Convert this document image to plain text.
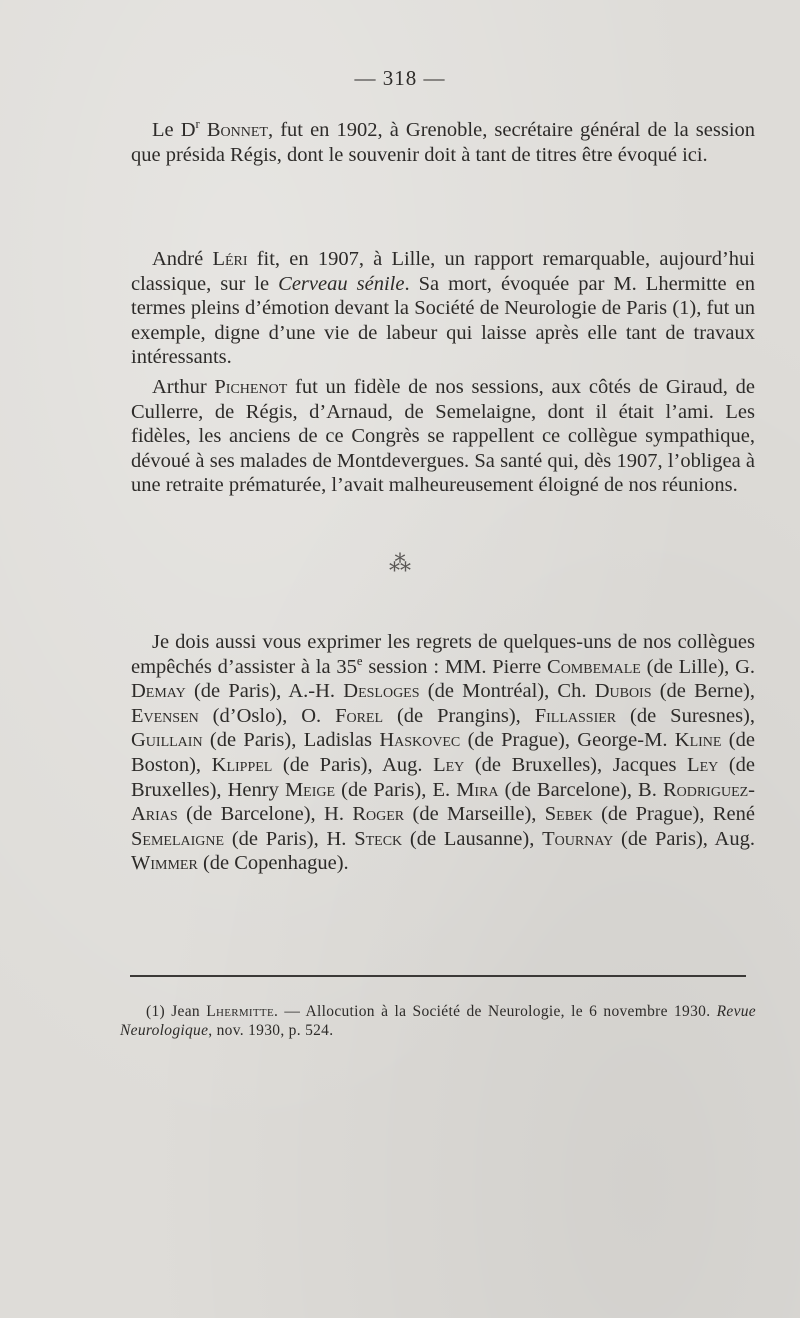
— 318 —

Le $D^r$ Bonnet, fut en 1902, à Grenoble, secrétaire général de la session que présida Régis, dont le souvenir doit à tant de titres être évoqué ici.

André Léri fit, en 1907, à Lille, un rapport remarquable, aujourd’hui classique, sur le Cerveau sénile. Sa mort, évoquée par M. Lhermitte en termes pleins d’émotion devant la Société de Neurologie de Paris (1), fut un exemple, digne d’une vie de labeur qui laisse après elle tant de travaux intéressants.

Arthur Pichenot fut un fidèle de nos sessions, aux côtés de Giraud, de Cullerre, de Régis, d’Arnaud, de Semelaigne, dont il était l’ami. Les fidèles, les anciens de ce Congrès se rappellent ce collègue sympathique, dévoué à ses malades de Montdevergues. Sa santé qui, dès 1907, l’obligea à une retraite prématurée, l’avait malheureusement éloigné de nos réunions.

⁂

Je dois aussi vous exprimer les regrets de quelques-uns de nos collègues empêchés d’assister à la 35e session : MM. Pierre Combemale (de Lille), G. Demay (de Paris), A.-H. Desloges (de Montréal), Ch. Dubois (de Berne), Evensen (d’Oslo), O. Forel (de Prangins), Fillassier (de Suresnes), Guillain (de Paris), Ladislas Haskovec (de Prague), George-M. Kline (de Boston), Klippel (de Paris), Aug. Ley (de Bruxelles), Jacques Ley (de Bruxelles), Henry Meige (de Paris), E. Mira (de Barcelone), B. Rodriguez-Arias (de Barcelone), H. Roger (de Marseille), Sebek (de Prague), René Semelaigne (de Paris), H. Steck (de Lausanne), Tournay (de Paris), Aug. Wimmer (de Copenhague).

(1) Jean Lhermitte. — Allocution à la Société de Neurologie, le 6 novembre 1930. Revue Neurologique, nov. 1930, p. 524.
